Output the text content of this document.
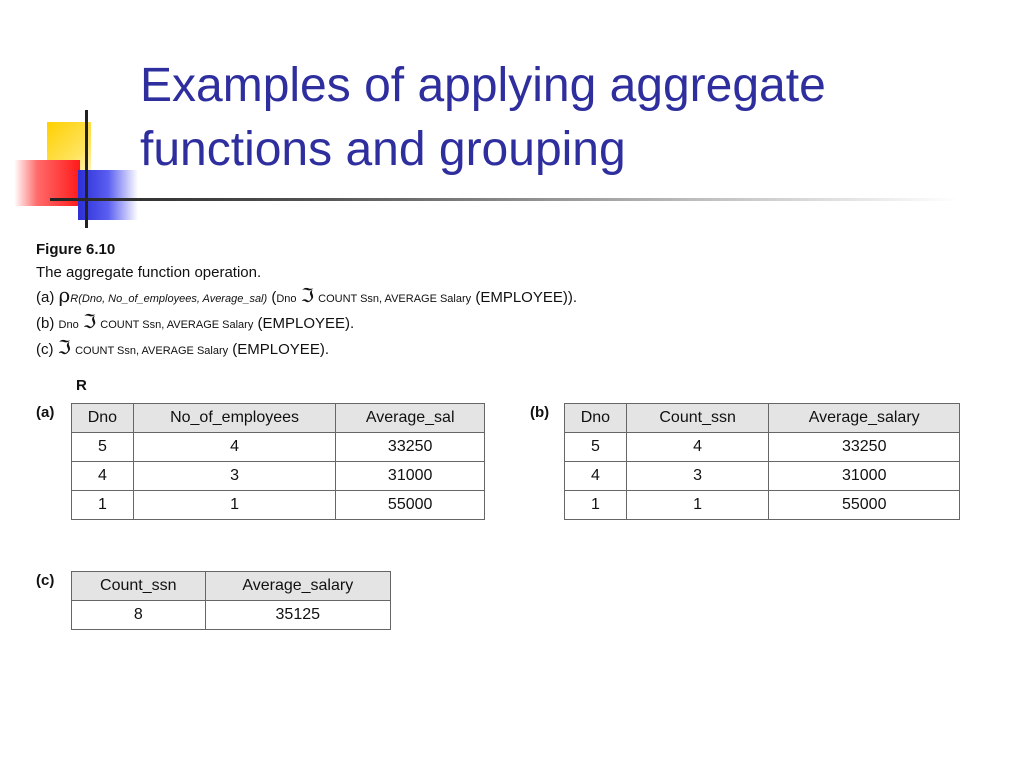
Examples of applying aggregate
functions and grouping
Figure 6.10
The aggregate function operation.
(a) ρR(Dno, No_of_employees, Average_sal) (Dno ℑ COUNT Ssn, AVERAGE Salary (EMPLOYEE)).
(b) Dno ℑ COUNT Ssn, AVERAGE Salary (EMPLOYEE).
(c) ℑ COUNT Ssn, AVERAGE Salary (EMPLOYEE).
R
(a)	(b)
(c)
Dno	No_of_employees	Average_sal
5	4	33250
4	3	31000
1	1	55000
Dno	Count_ssn	Average_salary
5	4	33250
4	3	31000
1	1	55000
Count_ssn	Average_salary
8	35125
